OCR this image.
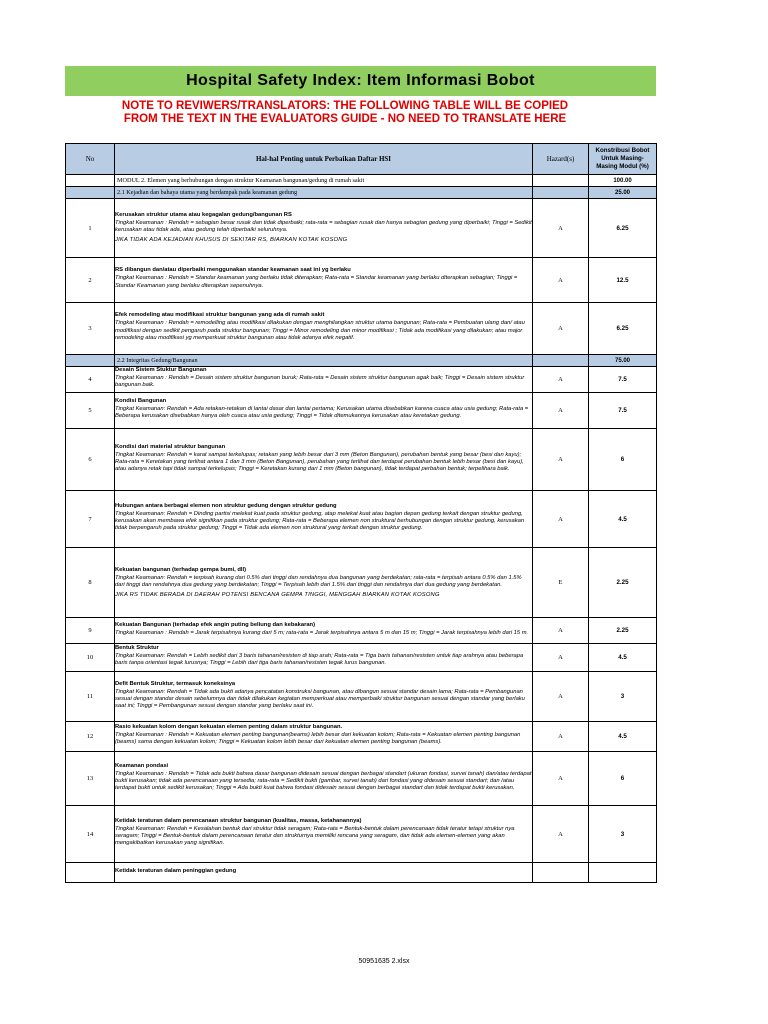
Hospital Safety Index: Item Informasi Bobot
NOTE TO REVIWERS/TRANSLATORS: THE FOLLOWING TABLE WILL BE COPIED FROM THE TEXT IN THE EVALUATORS GUIDE - NO NEED TO TRANSLATE HERE
No	Hal-hal Penting untuk Perbaikan Daftar HSI	Hazard(s)	Konstribusi Bobot Untuk Masing-Masing Modul (%)
	MODUL 2. Elemen yang berhubungan dengan struktur Keamanan bangunan/gedung di rumah sakit		100.00
	2.1 Kejadian dan bahaya utama yang berdampak pada keamanan gedung		25.00
1	Kerusakan struktur utama atau kegagalan gedung/bangunan RS
Tingkat Keamanan : Rendah = sebagian besar rusak dan tidak diperbaiki; rata-rata = sebagian rusak dan hanya sebagian gedung yang diperbaiki; Tinggi = Sedikit kerusakan atau tidak ada, atau gedung telah diperbaiki seluruhnya.
JIKA TIDAK ADA KEJADIAN KHUSUS DI SEKITAR RS, BIARKAN KOTAK KOSONG	A	6.25
2	RS dibangun dan/atau diperbaiki menggunakan standar keamanan saat ini yg berlaku
Tingkat Keamanan : Rendah = Standar keamanan yang berlaku tidak diterapkan; Rata-rata = Standar keamanan yang berlaku diterapkan sebagian; Tinggi = Standar Keamanan yang berlaku diterapkan sepenuhnya.	A	12.5
3	Efek remodeling atau modifikasi struktur bangunan yang ada di rumah sakit
Tingkat Keamanan : Rendah = remodelling atau modifikasi dilakukan dengan menghilangkan struktur utama bangunan; Rata-rata = Pembuatan ulang dan/ atau modifikasi dengan sedikit pengaruh pada struktur bangunan; Tinggi = Minor remodeling dan minor modifikasi ; Tidak ada modifikasi yang dilakukan; atau major remodeling atau modifikasi yg memperkuat struktur bangunan atau tidak adanya efek negatif.	A	6.25
	2.2 Integritas Gedung/Bangunan		75.00
4	Desain Sistem Stuktur Bangunan
Tingkat Keamanan : Rendah = Desain sistem struktur bangunan buruk; Rata-rata = Desain sistem struktur bangunan agak baik; Tinggi = Desain sistem struktur bangunan baik.	A	7.5
5	Kondisi Bangunan
Tingkat Keamanan: Rendah = Ada retakan-retakan di lantai dasar dan lantai pertama; Kerusakan utama disebabkan karena cuaca atau usia gedung; Rata-rata = Beberapa kerusakan disebabkan hanya oleh cuaca atau usia gedung; Tinggi = Tidak ditemukannya kerusakan atau keretakan gedung.	A	7.5
6	Kondisi dari material struktur bangunan
Tingkat Keamanan: Rendah = karat sampai terkelupas; retakan yang lebih besar dari 3 mm (Beton Bangunan), perubahan bentuk yang besar (besi dan kayu); Rata-rata = Keretakan yang terlihat antara 1 dan 3 mm (Beton Bangunan), perubahan yang terlihat dan terdapat perubahan bentuk lebih besar (besi dan kayu), atau adanya retak tapi tidak sampai terkelupas; Tinggi = Keretakan kurang dari 1 mm (Beton bangunan), tidak terdapat perbahan bentuk; terpelihara baik.	A	6
7	Hubungan antara berbagai elemen non struktur gedung dengan struktur gedung
Tingkat Keamanan: Rendah = Dinding partisi melekat kuat pada struktur gedung, atap melekat kuat atau bagian depan gedung terkait dengan struktur gedung, kerusakan akan membawa efek signifikan pada struktur gedung; Rata-rata = Beberapa elemen non struktural berhubungan dengan struktur gedung, kerusakan tidak berpengaruh pada struktur gedung; Tinggi = Tidak ada elemen non struktural yang terkait dengan struktur gedung.	A	4.5
8	Kekuatan bangunan (terhadap gempa bumi, dll)
Tingkat Keamanan: Rendah = terpisah kurang dari 0.5% dari tinggi dan rendahnya dua bangunan yang berdekatan; rata-rata = terpisah antara 0.5% dan 1.5% dari tinggi dan rendahnya dua gedung yang berdekatan; Tinggi = Terpisah lebih dari 1.5% dari tinggi dan rendahnya dari dua gedung yang berdekatan.
JIKA RS TIDAK BERADA DI DAERAH POTENSI BENCANA GEMPA TINGGI, MENGGAH BIARKAN KOTAK KOSONG	E	2.25
9	Kekuatan Bangunan (terhadap efek angin puting beliung dan kebakaran)
Tingkat Keamanan : Rendah = Jarak terpisahnya kurang dari 5 m; rata-rata = Jarak terpisahnya antara 5 m dan 15 m; Tinggi = Jarak terpisahnya lebih dari 15 m.	A	2.25
10	Bentuk Struktur
Tingkat Keamanan: Rendah = Lebih sedikit dari 3 baris tahanan/resisten di tiap arah; Rata-rata = Tiga baris tahanan/resisten untuk tiap arahnya atau beberapa baris tanpa orientasi tegak lurusnya; Tinggi = Lebih dari tiga baris tahanan/resisten tegak lurus bangunan.	A	4.5
11	Defit Bentuk Struktur, termasuk koneksinya
Tingkat Keamanan: Rendah = Tidak ada bukti adanya pencatatan konstruksi bangunan, atau dibangun sesuai standar desain lama; Rata-rata = Pembangunan sesuai dengan standar desain sebelumnya dan tidak dilakukan kegiatan memperkuat atau memperbaiki struktur bangunan sesuai dengan standar yang berlaku saat ini; Tinggi = Pembangunan sesuai dengan standar yang berlaku saat ini.	A	3
12	Rasio kekuatan kolom dengan kekuatan elemen penting dalam struktur bangunan.
Tingkat Keamanan : Rendah = Kekuatan elemen penting bangunan(beams) lebih besar dari kekuatan kolom; Rata-rata = Kekuatan elemen penting bangunan (beams) sama dengan kekuatan kolom; Tinggi = Kekuatan kolom lebih besar dari kekuatan elemen penting bangunan (beams).	A	4.5
13	Keamanan pondasi
Tingkat Keamanan : Rendah = Tidak ada bukti bahwa dasar bangunan didesain sesuai dengan berbagai standart (ukuran fondasi, survei tanah) dan/atau terdapat bukti kerusakan; tidak ada perencanaan yang tersedia; rata-rata = Sedikit bukti (gambar, survei tanah) dari fondasi yang didesain sesuai standart; dan /atau terdapat bukti untuk sedikit kerusakan; Tinggi = Ada bukti kuat bahwa fondasi didesain sesuai dengan berbagai standart dan tidak terdapat bukti kerusakan.	A	6
14	Ketidak teraturan dalam perencanaan struktur bangunan (kualitas, massa, ketahanannya)
Tingkat Keamanan: Rendah = Kesalahan bentuk dari struktur tidak seragam; Rata-rata = Bentuk-bentuk dalam perencanaan tidak teratur tetapi struktur nya seragam; Tinggi = Bentuk-bentuk dalam perencanaan teratur dan strukturnya memiliki rencana yang seragam, dan tidak ada elemen-elemen yang akan mengakibatkan kerusakan yang signifikan.	A	3

	Ketidak teraturan dalam peninggian gedung		

50951635 2.xlsx
